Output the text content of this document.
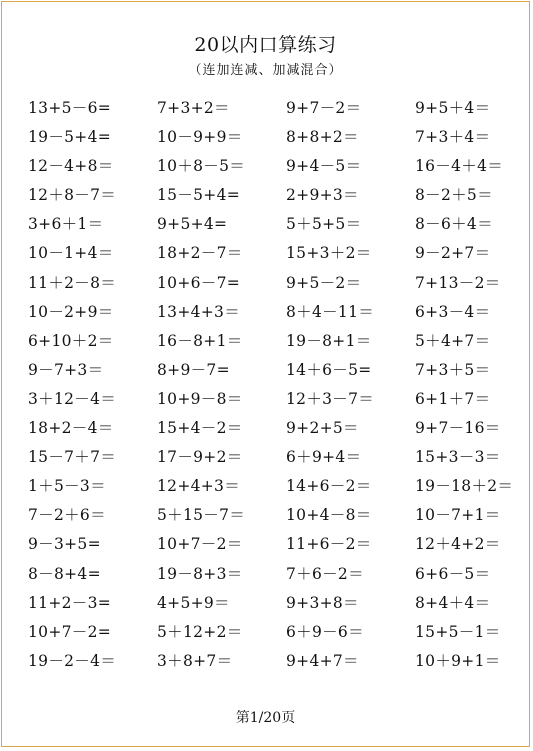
20以内口算练习
（连加连减、加减混合）
13+5－6=	7+3+2＝	9+7－2＝	9+5＋4＝
19－5+4=	10－9+9＝	8+8+2＝	7+3＋4＝
12－4+8＝	10＋8－5＝	9+4－5＝	16－4＋4＝
12＋8－7＝	15－5+4=	2+9+3＝	8－2＋5＝
3+6＋1＝	9+5+4=	5＋5+5＝	8－6＋4＝
10－1+4＝	18+2－7＝	15+3＋2＝	9－2+7＝
11＋2－8＝	10+6－7=	9+5－2＝	7+13－2＝
10－2+9＝	13+4+3＝	8＋4－11＝	6+3－4＝
6+10＋2＝	16－8+1＝	19－8+1＝	5＋4+7＝
9－7+3＝	8+9－7=	14＋6－5=	7+3＋5＝
3＋12－4＝	10+9－8＝	12＋3－7＝	6+1＋7＝
18+2－4＝	15+4－2＝	9+2+5＝	9+7－16＝
15－7＋7＝	17－9+2＝	6＋9+4＝	15+3－3＝
1＋5－3＝	12+4+3＝	14+6－2＝	19－18＋2＝
7－2＋6＝	5＋15－7＝	10+4－8＝	10－7+1＝
9－3+5=	10+7－2＝	11+6－2＝	12＋4+2＝
8－8+4=	19－8+3＝	7＋6－2＝	6+6－5＝
11+2－3=	4+5+9＝	9+3+8＝	8+4＋4＝
10+7－2=	5＋12+2＝	6＋9－6＝	15+5－1＝
19－2－4＝	3＋8+7＝	9+4+7＝	10＋9+1＝
第1/20页
